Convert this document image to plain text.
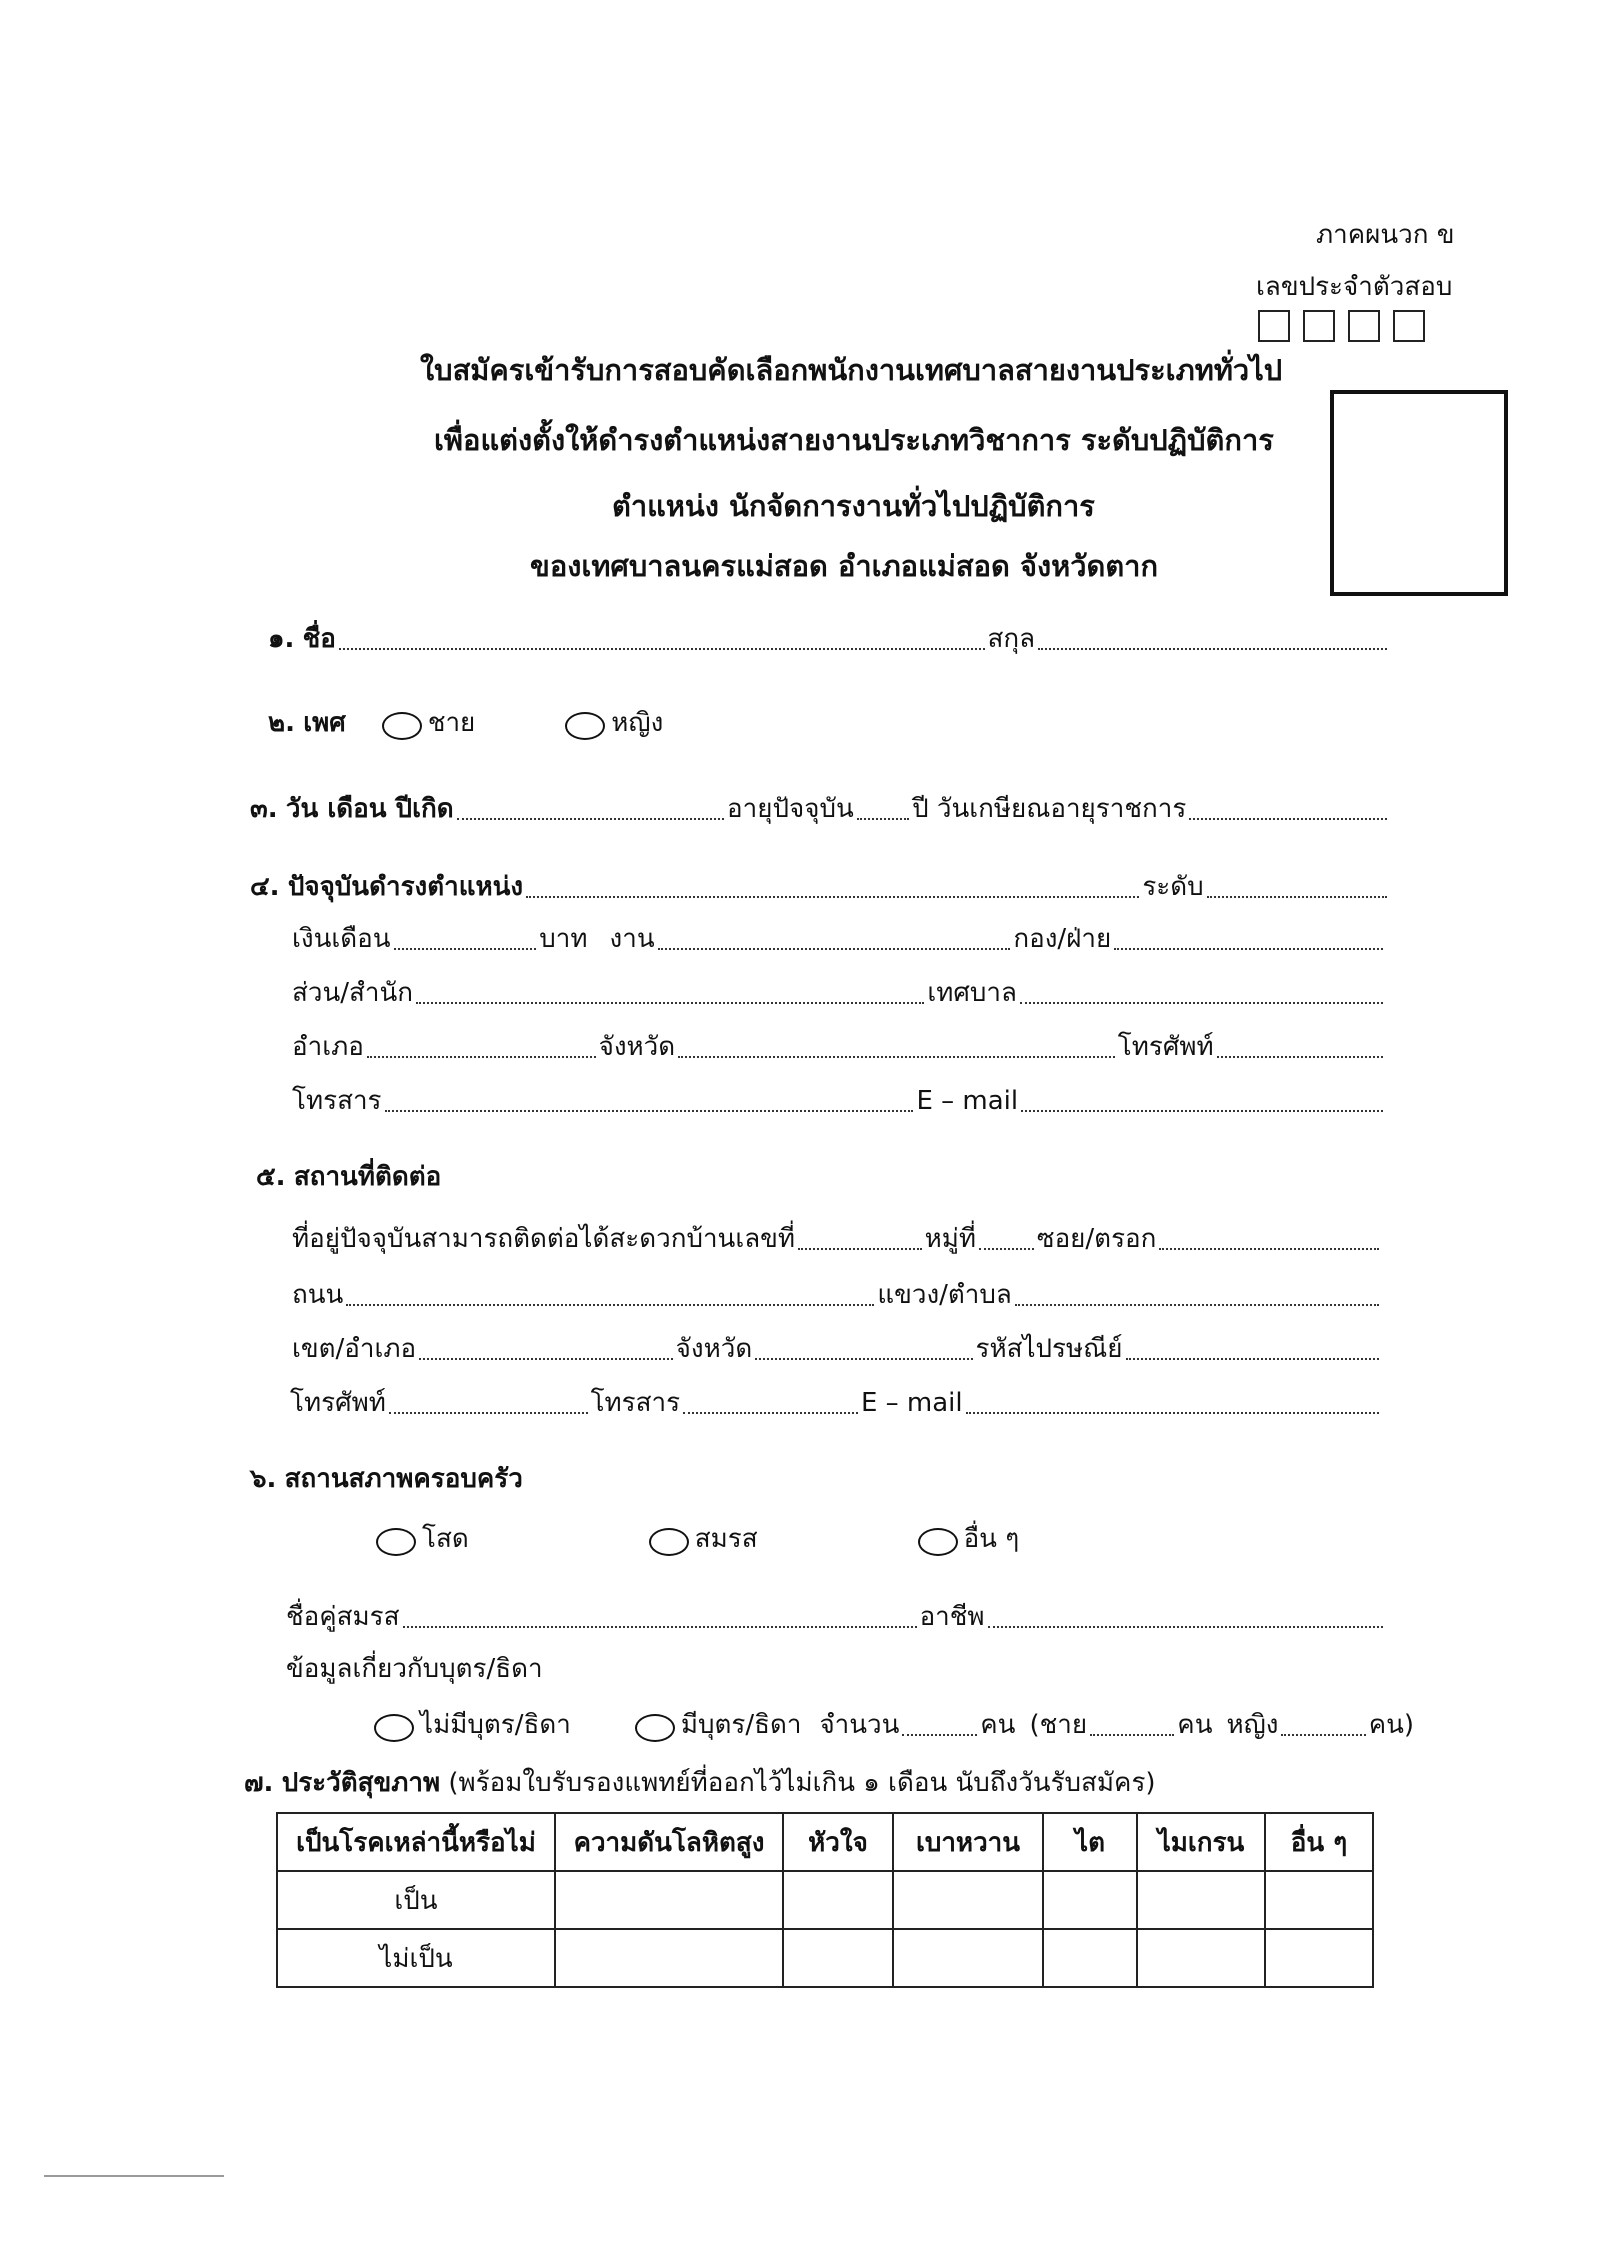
ภาคผนวก ข
เลขประจำตัวสอบ

ใบสมัครเข้ารับการสอบคัดเลือกพนักงานเทศบาลสายงานประเภททั่วไป
เพื่อแต่งตั้งให้ดำรงตำแหน่งสายงานประเภทวิชาการ ระดับปฏิบัติการ
ตำแหน่ง นักจัดการงานทั่วไปปฏิบัติการ
ของเทศบาลนครแม่สอด อำเภอแม่สอด จังหวัดตาก
๑.
ชื่อ	สกุล
๒.
เพศ	ชาย	หญิง
๓.
วัน เดือน ปีเกิด	อายุปัจจุบัน ปี
วันเกษียณอายุราชการ
๔.
ปัจจุบันดำรงตำแหน่ง	ระดับ
เงินเดือน	บาท งาน	กอง/ฝ่าย
ส่วน/สำนัก	เทศบาล
อำเภอ	จังหวัด	โทรศัพท์
โทรสาร	E – mail
๕.
สถานที่ติดต่อ
ที่อยู่ปัจจุบันสามารถติดต่อได้สะดวกบ้านเลขที่	หมู่ที่ ซอย/ตรอก
ถนน	แขวง/ตำบล
เขต/อำเภอ	จังหวัด	รหัสไปรษณีย์
โทรศัพท์	โทรสาร	E – mail
๖.
สถานสภาพครอบครัว
โสด	สมรส	อื่น ๆ
ชื่อคู่สมรส	อาชีพ
ข้อมูลเกี่ยวกับบุตร/ธิดา
ไม่มีบุตร/ธิดา	มีบุตร/ธิดา จำนวน	คน (ชาย	คน หญิง	คน)
๗.
ประวัติสุขภาพ
(พร้อมใบรับรองแพทย์ที่ออกไว้ไม่เกิน ๑ เดือน นับถึงวันรับสมัคร)
เป็นโรคเหล่านี้หรือไม่	ความดันโลหิตสูง	หัวใจ	เบาหวาน	ไต	ไมเกรน	อื่น ๆ
เป็น						
ไม่เป็น						
